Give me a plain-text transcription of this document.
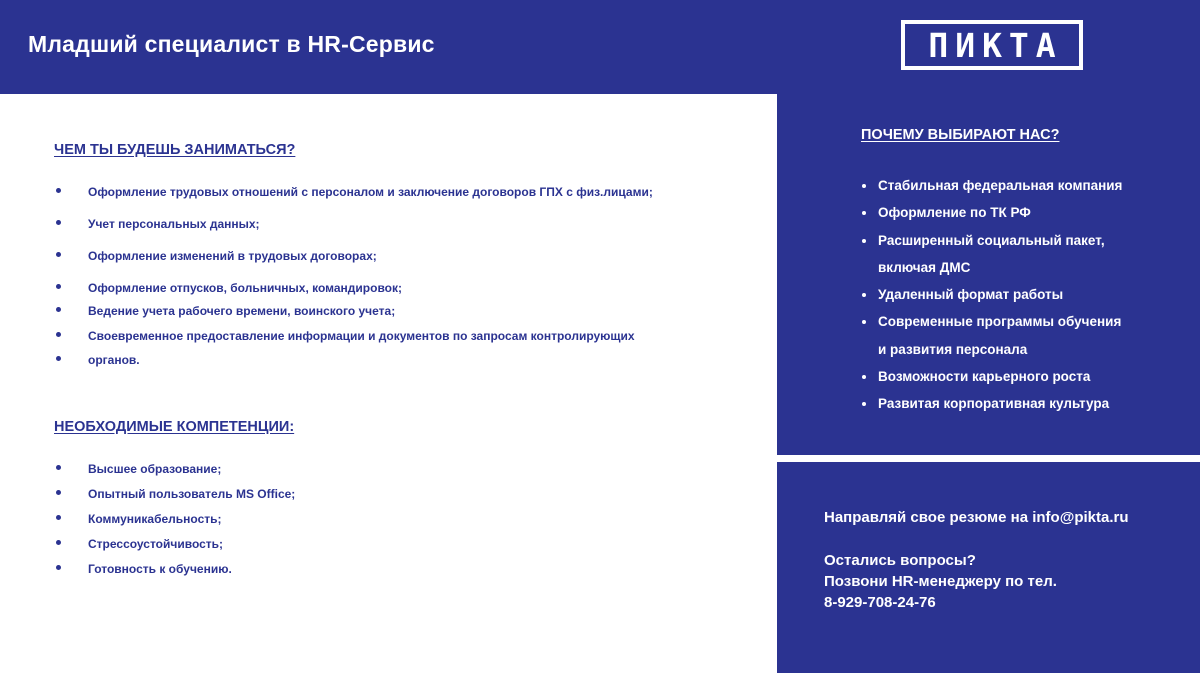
Младший специалист в HR-Сервис	ПИКТА
ЧЕМ ТЫ БУДЕШЬ ЗАНИМАТЬСЯ?
Оформление трудовых отношений с персоналом и заключение договоров ГПХ с физ.лицами;
Учет персональных данных;
Оформление изменений в трудовых договорах;
Оформление отпусков, больничных, командировок;
Ведение учета рабочего времени, воинского учета;
Своевременное предоставление информации и документов по запросам контролирующих
органов.
НЕОБХОДИМЫЕ КОМПЕТЕНЦИИ:
Высшее образование;
Опытный пользователь MS Office;
Коммуникабельность;
Стрессоустойчивость;
Готовность к обучению.
ПОЧЕМУ ВЫБИРАЮТ НАС?
Стабильная федеральная компания
Оформление по ТК РФ
Расширенный социальный пакет,
включая ДМС
Удаленный формат работы
Современные программы обучения
и развития персонала
Возможности карьерного роста
Развитая корпоративная культура
Направляй свое резюме на info@pikta.ru
Остались вопросы?
Позвони HR-менеджеру по тел.
8-929-708-24-76
